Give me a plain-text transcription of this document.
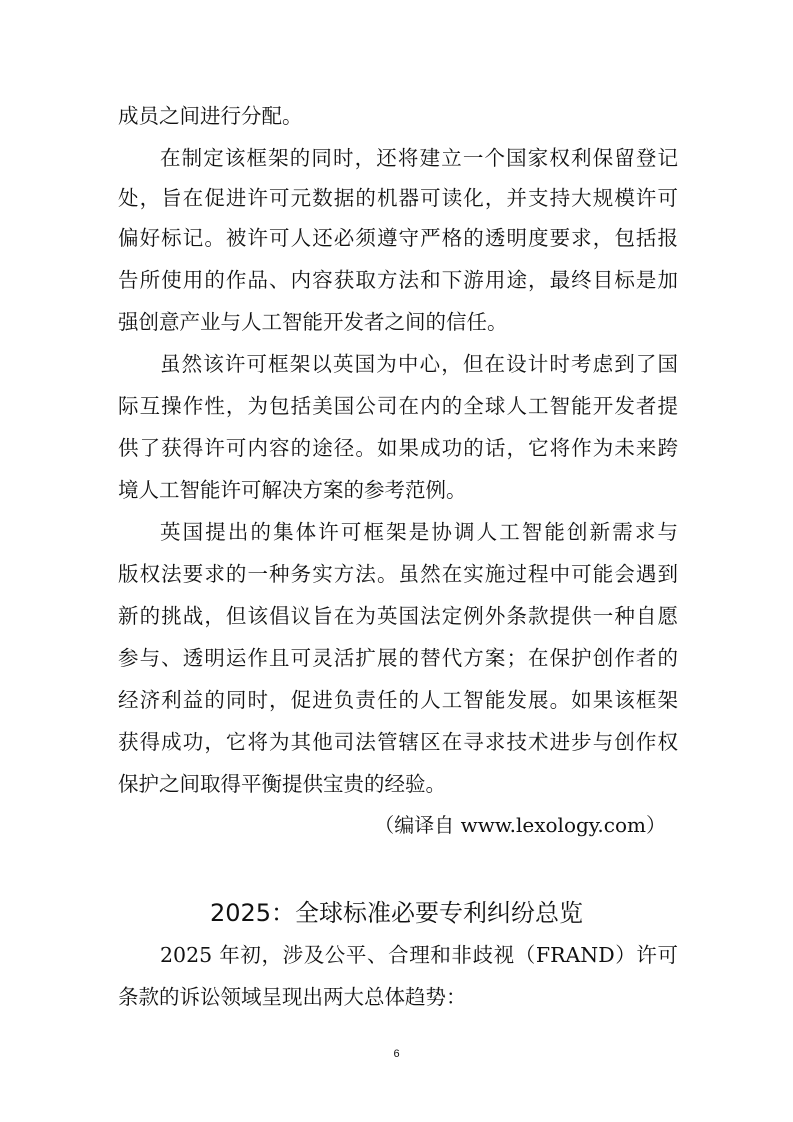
成员之间进行分配。
在制定该框架的同时，还将建立一个国家权利保留登记
处，旨在促进许可元数据的机器可读化，并支持大规模许可
偏好标记。被许可人还必须遵守严格的透明度要求，包括报
告所使用的作品、内容获取方法和下游用途，最终目标是加
强创意产业与人工智能开发者之间的信任。
虽然该许可框架以英国为中心，但在设计时考虑到了国
际互操作性，为包括美国公司在内的全球人工智能开发者提
供了获得许可内容的途径。如果成功的话，它将作为未来跨
境人工智能许可解决方案的参考范例。
英国提出的集体许可框架是协调人工智能创新需求与
版权法要求的一种务实方法。虽然在实施过程中可能会遇到
新的挑战，但该倡议旨在为英国法定例外条款提供一种自愿
参与、透明运作且可灵活扩展的替代方案；在保护创作者的
经济利益的同时，促进负责任的人工智能发展。如果该框架
获得成功，它将为其他司法管辖区在寻求技术进步与创作权
保护之间取得平衡提供宝贵的经验。
（编译自 www.lexology.com）
2025：全球标准必要专利纠纷总览
2025 年初，涉及公平、合理和非歧视（FRAND）许可
条款的诉讼领域呈现出两大总体趋势：
6
